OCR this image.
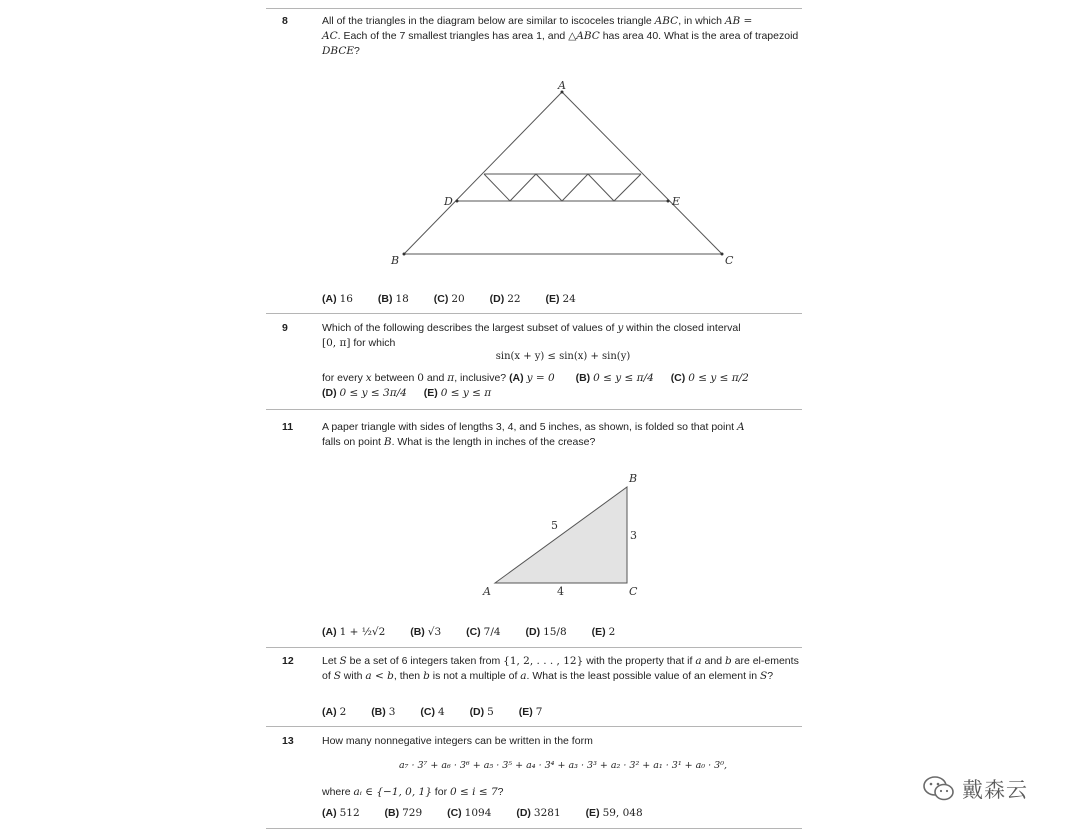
8	All of the triangles in the diagram below are similar to iscoceles triangle ABC, in which AB =
AC. Each of the 7 smallest triangles has area 1, and △ABC has area 40. What is the area of trapezoid
DBCE?
A
D	E
B	C
B
A	C
5
3
4
(A) 16 (B) 18 (C) 20 (D) 22 (E) 24
9	Which of the following describes the largest subset of values of y within the closed interval
[0, π] for which
sin(x + y) ≤ sin(x) + sin(y)
for every x between 0 and π, inclusive? (A) y = 0 (B) 0 ≤ y ≤ π/4 (C) 0 ≤ y ≤ π/2
(D) 0 ≤ y ≤ 3π/4 (E) 0 ≤ y ≤ π
11	A paper triangle with sides of lengths 3, 4, and 5 inches, as shown, is folded so that point A
falls on point B. What is the length in inches of the crease?
(A) 1 + ½√2 (B) √3 (C) 7/4 (D) 15/8 (E) 2
12	Let S be a set of 6 integers taken from {1, 2, . . . , 12} with the property that if a and b are el-ements of S with a < b, then b is not a multiple of a. What is the least possible value of an element in S?
(A) 2 (B) 3 (C) 4 (D) 5 (E) 7
13	How many nonnegative integers can be written in the form
a₇ · 3⁷ + a₆ · 3⁶ + a₅ · 3⁵ + a₄ · 3⁴ + a₃ · 3³ + a₂ · 3² + a₁ · 3¹ + a₀ · 3⁰,
where aᵢ ∈ {−1, 0, 1} for 0 ≤ i ≤ 7?
(A) 512 (B) 729 (C) 1094 (D) 3281 (E) 59, 048
戴森云
